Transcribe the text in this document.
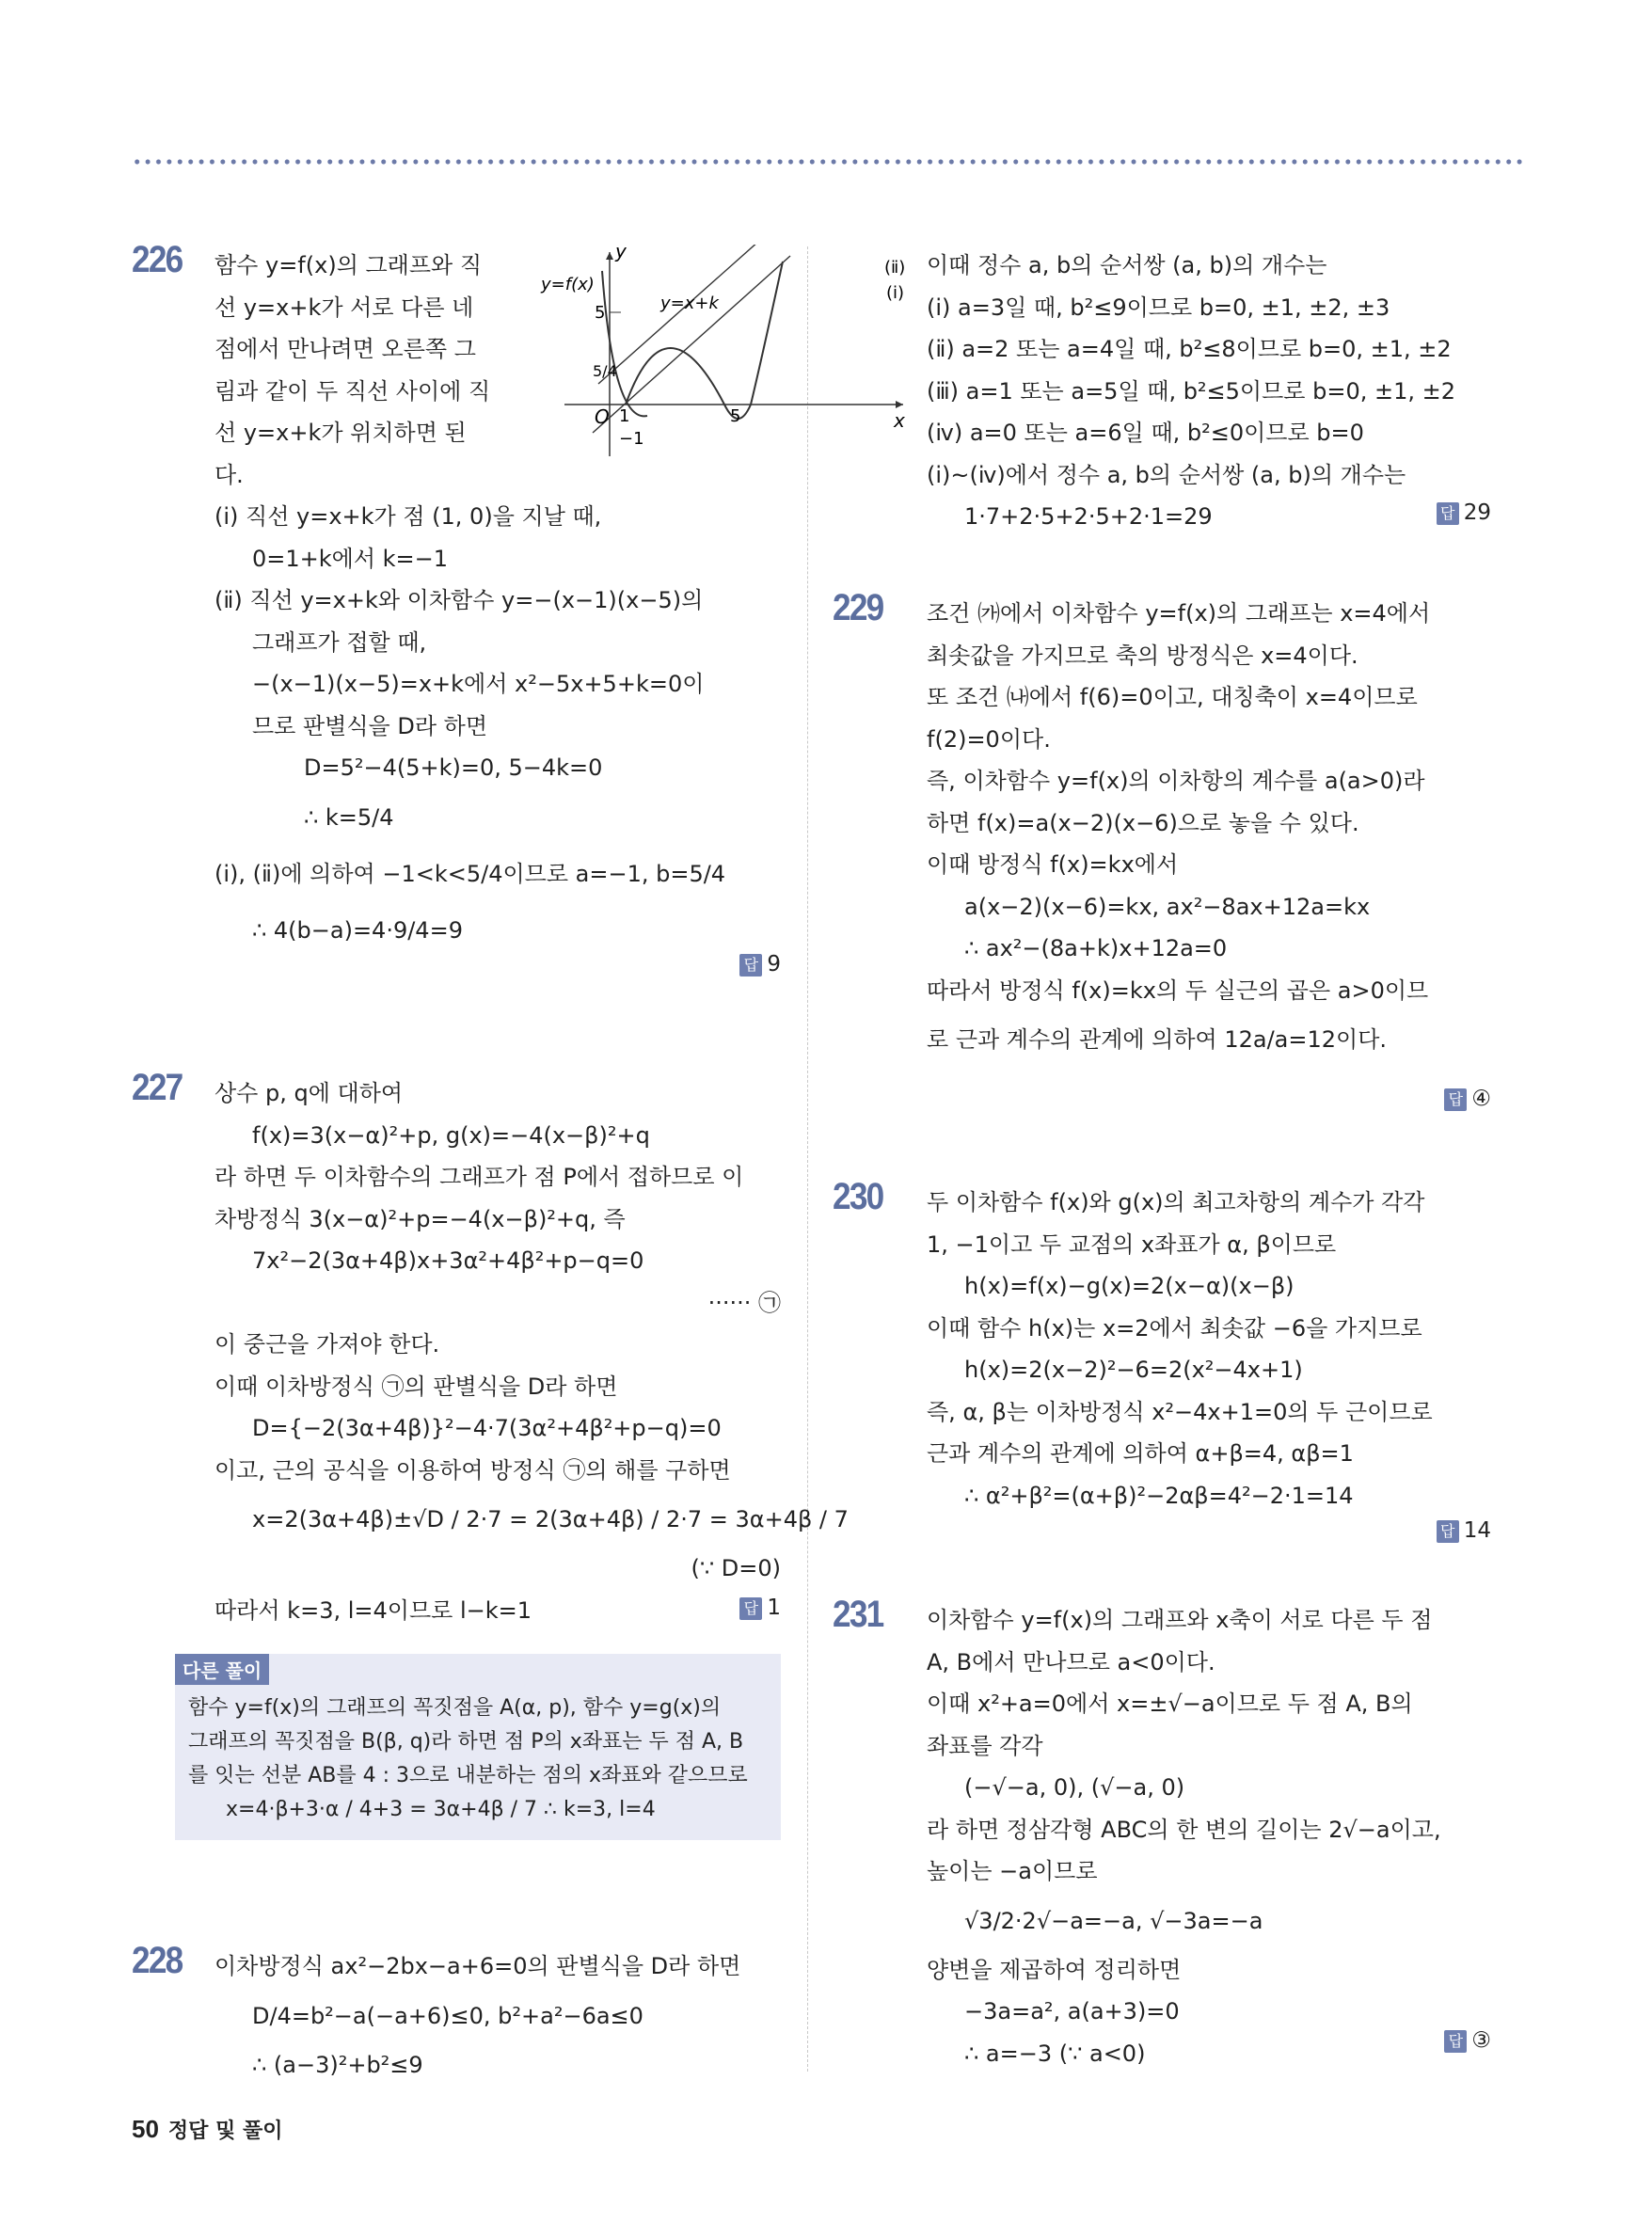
226 함수 y=f(x)의 그래프와 직
선 y=x+k가 서로 다른 네
점에서 만나려면 오른쪽 그
림과 같이 두 직선 사이에 직
선 y=x+k가 위치하면 된
다.
(ⅰ) 직선 y=x+k가 점 (1, 0)을 지날 때,
0=1+k에서 k=−1
(ⅱ) 직선 y=x+k와 이차함수 y=−(x−1)(x−5)의
그래프가 접할 때,
−(x−1)(x−5)=x+k에서 x²−5x+5+k=0이
므로 판별식을 D라 하면
D=5²−4(5+k)=0, 5−4k=0
∴ k=5/4
(ⅰ), (ⅱ)에 의하여 −1<k<5/4이므로 a=−1, b=5/4
∴ 4(b−a)=4·9/4=9
답 9
y
x
y=f(x)
y=x+k
(ⅱ)
(ⅰ)
5
5/4
O 1	5
−1
227 상수 p, q에 대하여
f(x)=3(x−α)²+p, g(x)=−4(x−β)²+q
라 하면 두 이차함수의 그래프가 점 P에서 접하므로 이
차방정식 3(x−α)²+p=−4(x−β)²+q, 즉
7x²−2(3α+4β)x+3α²+4β²+p−q=0
······ ㉠
이 중근을 가져야 한다.
이때 이차방정식 ㉠의 판별식을 D라 하면
D={−2(3α+4β)}²−4·7(3α²+4β²+p−q)=0
이고, 근의 공식을 이용하여 방정식 ㉠의 해를 구하면
x=2(3α+4β)±√D / 2·7 = 2(3α+4β) / 2·7 = 3α+4β / 7
(∵ D=0)
따라서 k=3, l=4이므로 l−k=1	답 1
다른 풀이
함수 y=f(x)의 그래프의 꼭짓점을 A(α, p), 함수 y=g(x)의
그래프의 꼭짓점을 B(β, q)라 하면 점 P의 x좌표는 두 점 A, B
를 잇는 선분 AB를 4 : 3으로 내분하는 점의 x좌표와 같으므로
x=4·β+3·α / 4+3 = 3α+4β / 7 ∴ k=3, l=4
228 이차방정식 ax²−2bx−a+6=0의 판별식을 D라 하면
D/4=b²−a(−a+6)≤0, b²+a²−6a≤0
∴ (a−3)²+b²≤9
이때 정수 a, b의 순서쌍 (a, b)의 개수는
(ⅰ) a=3일 때, b²≤9이므로 b=0, ±1, ±2, ±3
(ⅱ) a=2 또는 a=4일 때, b²≤8이므로 b=0, ±1, ±2
(ⅲ) a=1 또는 a=5일 때, b²≤5이므로 b=0, ±1, ±2
(ⅳ) a=0 또는 a=6일 때, b²≤0이므로 b=0
(ⅰ)~(ⅳ)에서 정수 a, b의 순서쌍 (a, b)의 개수는
1·7+2·5+2·5+2·1=29	답 29
229 조건 ㈎에서 이차함수 y=f(x)의 그래프는 x=4에서
최솟값을 가지므로 축의 방정식은 x=4이다.
또 조건 ㈏에서 f(6)=0이고, 대칭축이 x=4이므로
f(2)=0이다.
즉, 이차함수 y=f(x)의 이차항의 계수를 a(a>0)라
하면 f(x)=a(x−2)(x−6)으로 놓을 수 있다.
이때 방정식 f(x)=kx에서
a(x−2)(x−6)=kx, ax²−8ax+12a=kx
∴ ax²−(8a+k)x+12a=0
따라서 방정식 f(x)=kx의 두 실근의 곱은 a>0이므
로 근과 계수의 관계에 의하여 12a/a=12이다.
답 ④
230 두 이차함수 f(x)와 g(x)의 최고차항의 계수가 각각
1, −1이고 두 교점의 x좌표가 α, β이므로
h(x)=f(x)−g(x)=2(x−α)(x−β)
이때 함수 h(x)는 x=2에서 최솟값 −6을 가지므로
h(x)=2(x−2)²−6=2(x²−4x+1)
즉, α, β는 이차방정식 x²−4x+1=0의 두 근이므로
근과 계수의 관계에 의하여 α+β=4, αβ=1
∴ α²+β²=(α+β)²−2αβ=4²−2·1=14
답 14
231 이차함수 y=f(x)의 그래프와 x축이 서로 다른 두 점
A, B에서 만나므로 a<0이다.
이때 x²+a=0에서 x=±√−a이므로 두 점 A, B의
좌표를 각각
(−√−a, 0), (√−a, 0)
라 하면 정삼각형 ABC의 한 변의 길이는 2√−a이고,
높이는 −a이므로
√3/2·2√−a=−a, √−3a=−a
양변을 제곱하여 정리하면
−3a=a², a(a+3)=0
∴ a=−3 (∵ a<0)	답 ③
50 정답 및 풀이
